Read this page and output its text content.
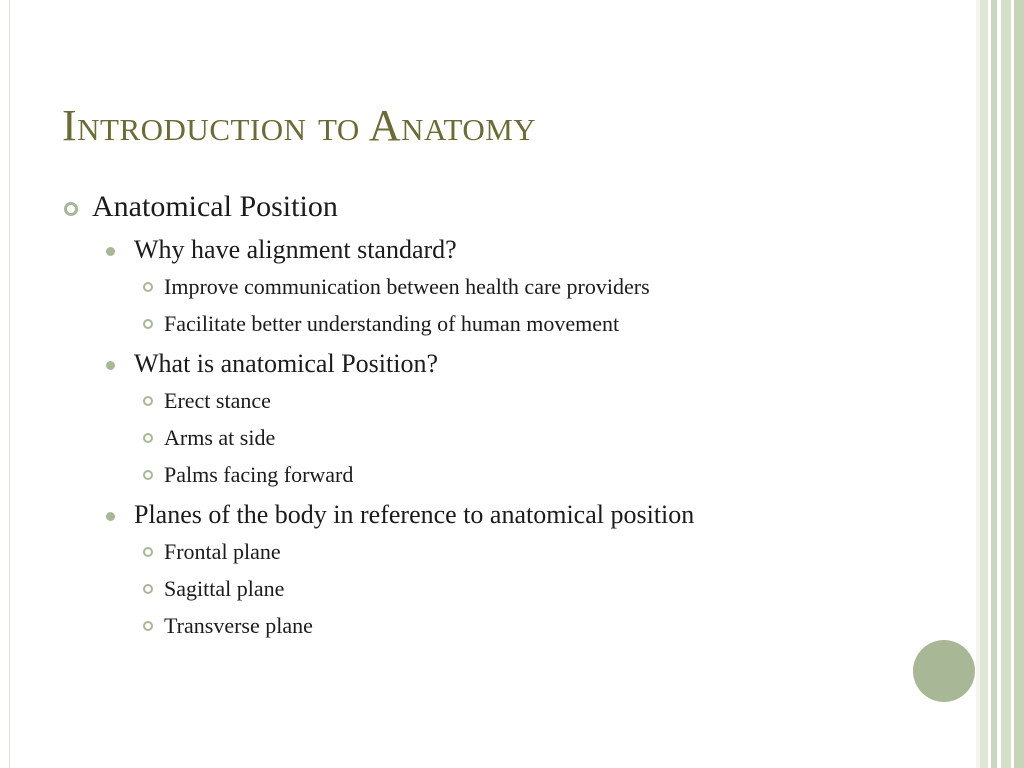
Introduction to Anatomy
Anatomical Position
Why have alignment standard?
Improve communication between health care providers
Facilitate better understanding of human movement
What is anatomical Position?
Erect stance
Arms at side
Palms facing forward
Planes of the body in reference to anatomical position
Frontal plane
Sagittal plane
Transverse plane
